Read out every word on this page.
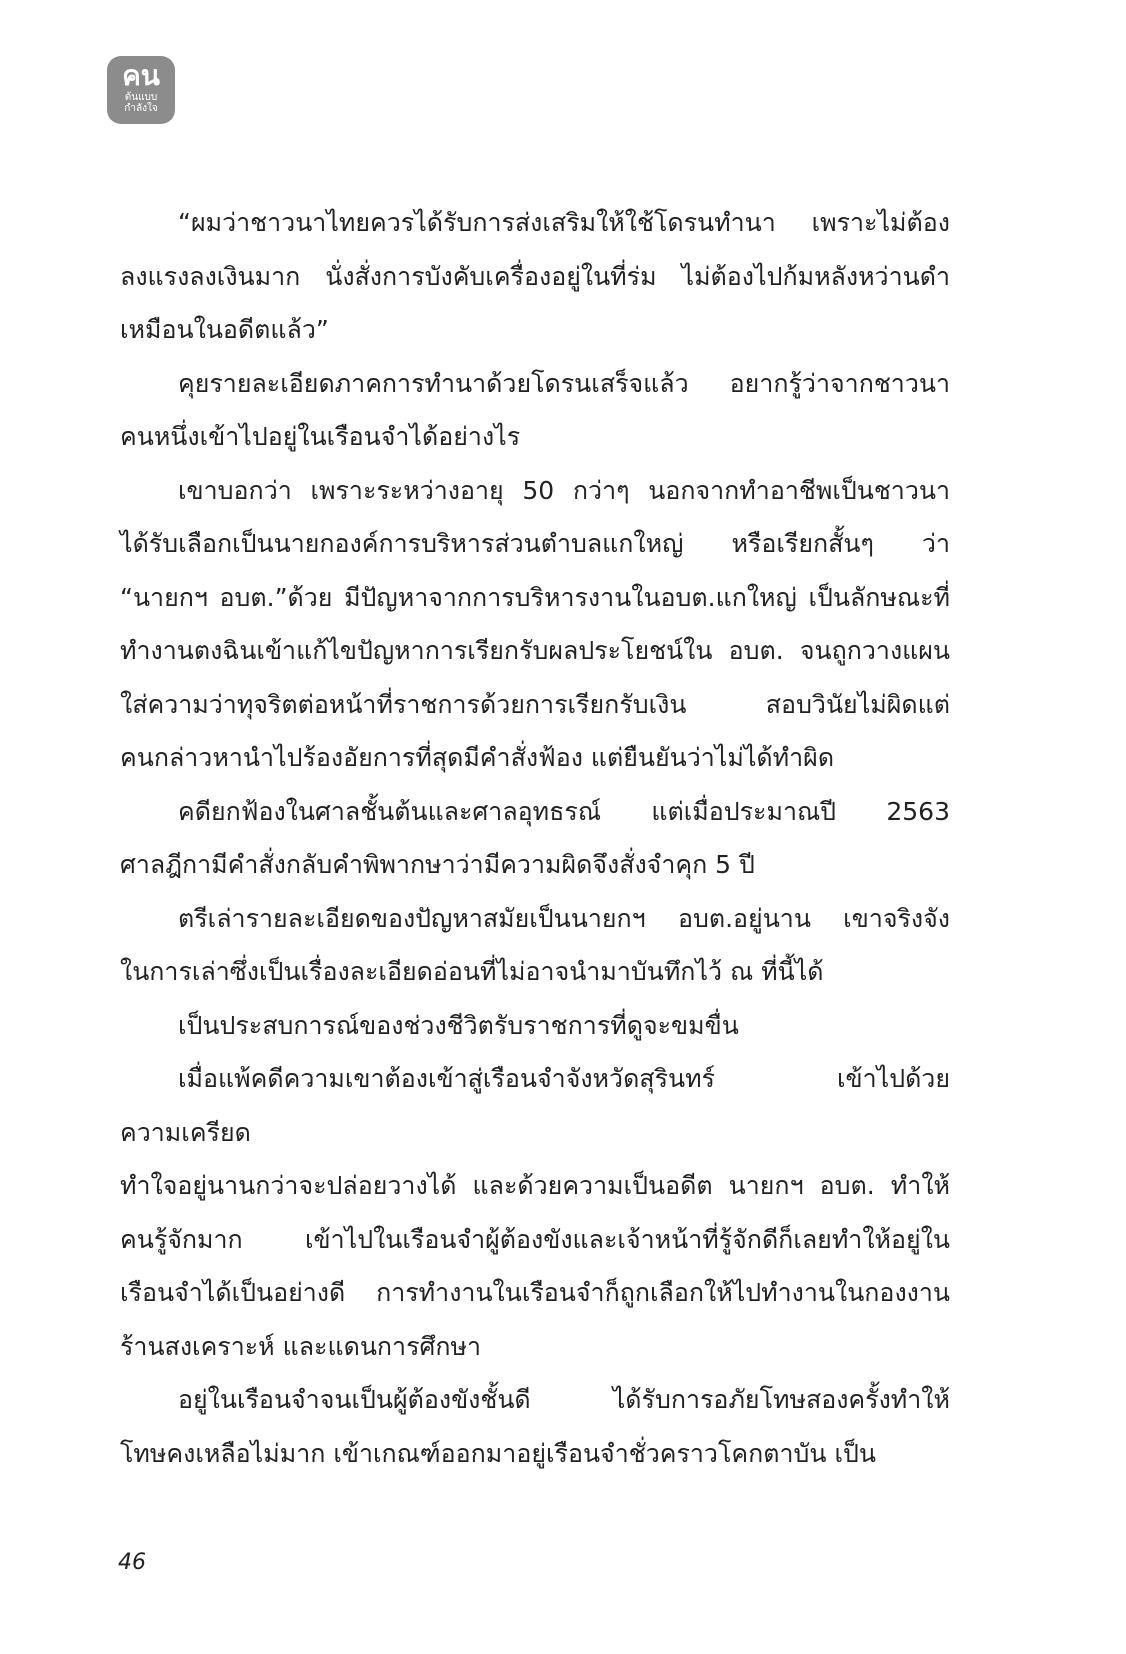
คน
ต้นแบบ
กำลังใจ

“ผมว่าชาวนาไทยควรได้รับการส่งเสริมให้ใช้โดรนทำนา เพราะไม่ต้อง

ลงแรงลงเงินมาก นั่งสั่งการบังคับเครื่องอยู่ในที่ร่ม ไม่ต้องไปก้มหลังหว่านดำ

เหมือนในอดีตแล้ว”

คุยรายละเอียดภาคการทำนาด้วยโดรนเสร็จแล้ว อยากรู้ว่าจากชาวนา

คนหนึ่งเข้าไปอยู่ในเรือนจำได้อย่างไร

เขาบอกว่า เพราะระหว่างอายุ 50 กว่าๆ นอกจากทำอาชีพเป็นชาวนา

ได้รับเลือกเป็นนายกองค์การบริหารส่วนตำบลแกใหญ่ หรือเรียกสั้นๆ ว่า

“นายกฯ อบต.”ด้วย มีปัญหาจากการบริหารงานในอบต.แกใหญ่ เป็นลักษณะที่

ทำงานตงฉินเข้าแก้ไขปัญหาการเรียกรับผลประโยชน์ใน อบต. จนถูกวางแผน

ใส่ความว่าทุจริตต่อหน้าที่ราชการด้วยการเรียกรับเงิน สอบวินัยไม่ผิดแต่

คนกล่าวหานำไปร้องอัยการที่สุดมีคำสั่งฟ้อง แต่ยืนยันว่าไม่ได้ทำผิด

คดียกฟ้องในศาลชั้นต้นและศาลอุทธรณ์ แต่เมื่อประมาณปี 2563

ศาลฎีกามีคำสั่งกลับคำพิพากษาว่ามีความผิดจึงสั่งจำคุก 5 ปี

ตรีเล่ารายละเอียดของปัญหาสมัยเป็นนายกฯ อบต.อยู่นาน เขาจริงจัง

ในการเล่าซึ่งเป็นเรื่องละเอียดอ่อนที่ไม่อาจนำมาบันทึกไว้ ณ ที่นี้ได้

เป็นประสบการณ์ของช่วงชีวิตรับราชการที่ดูจะขมขื่น

เมื่อแพ้คดีความเขาต้องเข้าสู่เรือนจำจังหวัดสุรินทร์ เข้าไปด้วยความเครียด

ทำใจอยู่นานกว่าจะปล่อยวางได้ และด้วยความเป็นอดีต นายกฯ อบต. ทำให้

คนรู้จักมาก เข้าไปในเรือนจำผู้ต้องขังและเจ้าหน้าที่รู้จักดีก็เลยทำให้อยู่ใน

เรือนจำได้เป็นอย่างดี การทำงานในเรือนจำก็ถูกเลือกให้ไปทำงานในกองงาน

ร้านสงเคราะห์ และแดนการศึกษา

อยู่ในเรือนจำจนเป็นผู้ต้องขังชั้นดี ได้รับการอภัยโทษสองครั้งทำให้

โทษคงเหลือไม่มาก เข้าเกณฑ์ออกมาอยู่เรือนจำชั่วคราวโคกตาบัน เป็น

46
